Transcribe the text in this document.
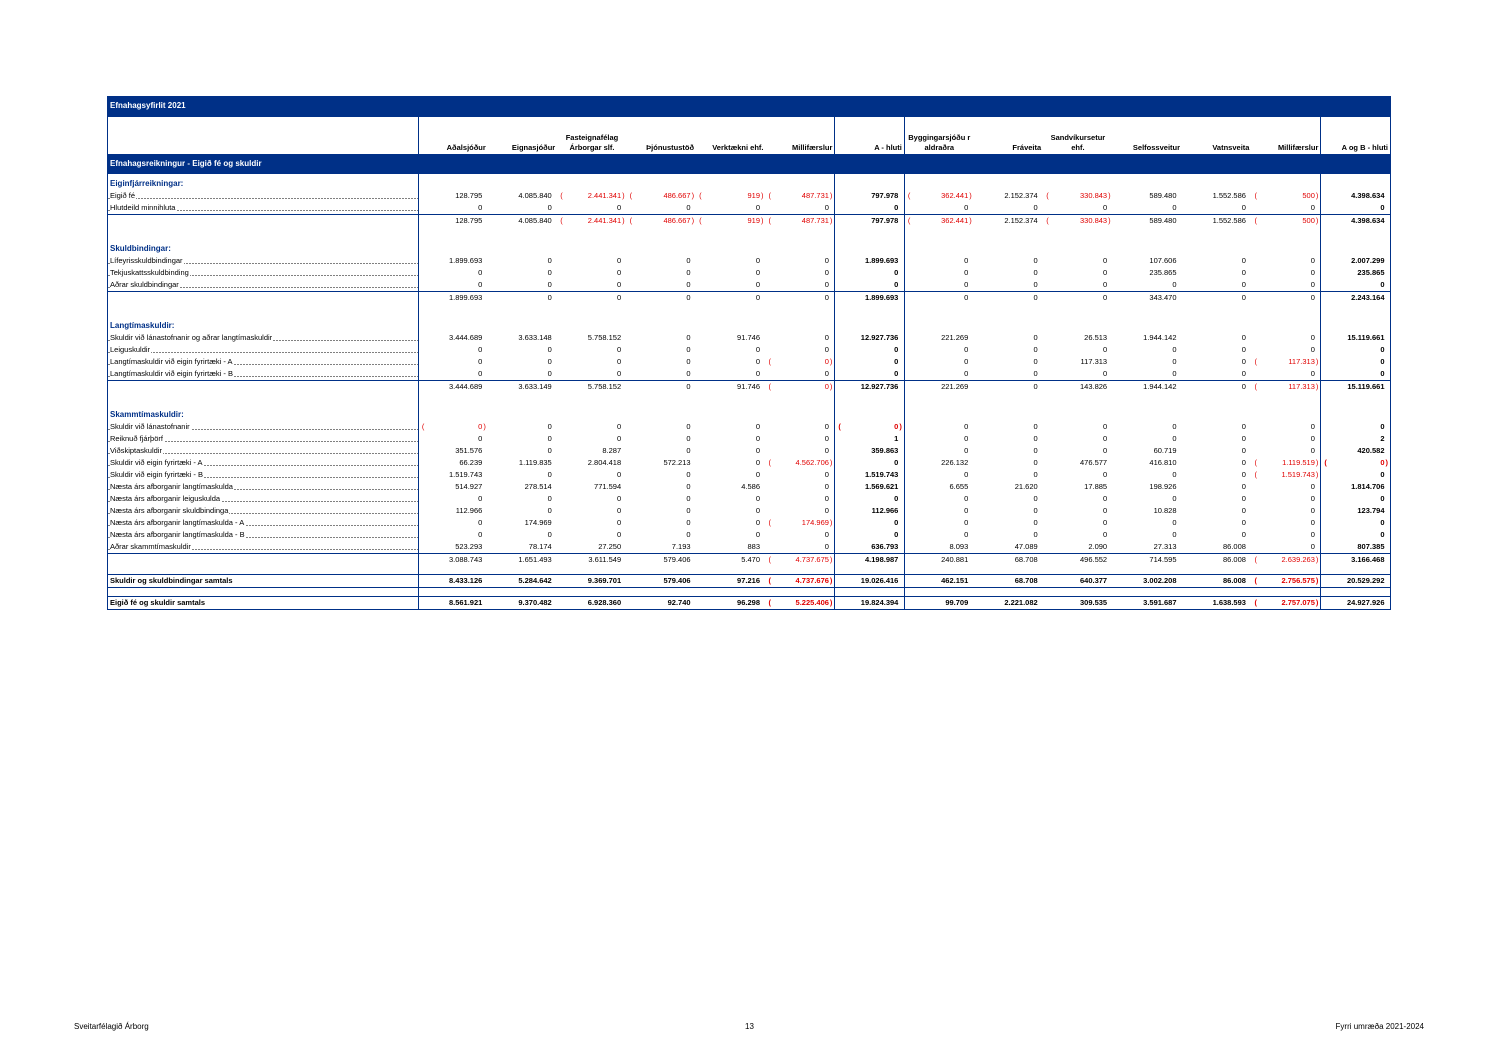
Efnahagsyfirlit 2021
	Aðalsjóður	Eignasjóður	Fasteignafélag Árborgar slf.	Þjónustustöð	Verktækni ehf.	Millifærslur	A - hluti	Byggingarsjóðu r aldraðra	Fráveita	Sandvíkursetur ehf.	Selfossveitur	Vatnsveita	Millifærslur	A og B - hluti
Efnahagsreikningur - Eigið fé og skuldir														
Eiginfjárreikningar:														
Eigið fé	128.795 )	4.085.840 )	( 2.441.341 )	( 486.667 )	( 919 )	( 487.731 )	797.978 )	( 362.441 )	2.152.374 )	( 330.843 )	589.480 )	1.552.586 )	( 500 )	4.398.634 )
Hlutdeild minnihluta	0 )	0 )	0 )	0 )	0 )	0 )	0 )	0 )	0 )	0 )	0 )	0 )	0 )	0 )
	128.795 )	4.085.840 )	( 2.441.341 )	( 486.667 )	( 919 )	( 487.731 )	797.978 )	( 362.441 )	2.152.374 )	( 330.843 )	589.480 )	1.552.586 )	( 500 )	4.398.634 )

Skuldbindingar:														
Lífeyrisskuldbindingar	1.899.693 )	0 )	0 )	0 )	0 )	0 )	1.899.693 )	0 )	0 )	0 )	107.606 )	0 )	0 )	2.007.299 )
Tekjuskattsskuldbinding	0 )	0 )	0 )	0 )	0 )	0 )	0 )	0 )	0 )	0 )	235.865 )	0 )	0 )	235.865 )
Aðrar skuldbindingar	0 )	0 )	0 )	0 )	0 )	0 )	0 )	0 )	0 )	0 )	0 )	0 )	0 )	0 )
	1.899.693 )	0 )	0 )	0 )	0 )	0 )	1.899.693 )	0 )	0 )	0 )	343.470 )	0 )	0 )	2.243.164 )

Langtímaskuldir:														
Skuldir við lánastofnanir og aðrar langtímaskuldir	3.444.689 )	3.633.148 )	5.758.152 )	0 )	91.746 )	0 )	12.927.736 )	221.269 )	0 )	26.513 )	1.944.142 )	0 )	0 )	15.119.661 )
Leiguskuldir	0 )	0 )	0 )	0 )	0 )	0 )	0 )	0 )	0 )	0 )	0 )	0 )	0 )	0 )
Langtímaskuldir við eigin fyrirtæki - A	0 )	0 )	0 )	0 )	0 )	( 0 )	0 )	0 )	0 )	117.313 )	0 )	0 )	( 117.313 )	0 )
Langtímaskuldir við eigin fyrirtæki - B	0 )	0 )	0 )	0 )	0 )	0 )	0 )	0 )	0 )	0 )	0 )	0 )	0 )	0 )
	3.444.689 )	3.633.149 )	5.758.152 )	0 )	91.746 )	( 0 )	12.927.736 )	221.269 )	0 )	143.826 )	1.944.142 )	0 )	( 117.313 )	15.119.661 )

Skammtímaskuldir:														
Skuldir við lánastofnanir	( 0 )	0 )	0 )	0 )	0 )	0 )	( 0 )	0 )	0 )	0 )	0 )	0 )	0 )	0 )
Reiknuð fjárþörf	0 )	0 )	0 )	0 )	0 )	0 )	1 )	0 )	0 )	0 )	0 )	0 )	0 )	2 )
Viðskiptaskuldir	351.576 )	0 )	8.287 )	0 )	0 )	0 )	359.863 )	0 )	0 )	0 )	60.719 )	0 )	0 )	420.582 )
Skuldir við eigin fyrirtæki - A	66.239 )	1.119.835 )	2.804.418 )	572.213 )	0 )	( 4.562.706 )	0 )	226.132 )	0 )	476.577 )	416.810 )	0 )	( 1.119.519 )	( 0 )
Skuldir við eigin fyrirtæki - B	1.519.743 )	0 )	0 )	0 )	0 )	0 )	1.519.743 )	0 )	0 )	0 )	0 )	0 )	( 1.519.743 )	0 )
Næsta árs afborganir langtímaskulda	514.927 )	278.514 )	771.594 )	0 )	4.586 )	0 )	1.569.621 )	6.655 )	21.620 )	17.885 )	198.926 )	0 )	0 )	1.814.706 )
Næsta árs afborganir leiguskulda	0 )	0 )	0 )	0 )	0 )	0 )	0 )	0 )	0 )	0 )	0 )	0 )	0 )	0 )
Næsta árs afborganir skuldbindinga	112.966 )	0 )	0 )	0 )	0 )	0 )	112.966 )	0 )	0 )	0 )	10.828 )	0 )	0 )	123.794 )
Næsta árs afborganir langtímaskulda - A	0 )	174.969 )	0 )	0 )	0 )	( 174.969 )	0 )	0 )	0 )	0 )	0 )	0 )	0 )	0 )
Næsta árs afborganir langtímaskulda - B	0 )	0 )	0 )	0 )	0 )	0 )	0 )	0 )	0 )	0 )	0 )	0 )	0 )	0 )
Aðrar skammtímaskuldir	523.293 )	78.174 )	27.250 )	7.193 )	883 )	0 )	636.793 )	8.093 )	47.089 )	2.090 )	27.313 )	86.008 )	0 )	807.385 )
	3.088.743 )	1.651.493 )	3.611.549 )	579.406 )	5.470 )	( 4.737.675 )	4.198.987 )	240.881 )	68.708 )	496.552 )	714.595 )	86.008 )	( 2.639.263 )	3.166.468 )

Skuldir og skuldbindingar samtals	8.433.126 )	5.284.642 )	9.369.701 )	579.406 )	97.216 )	( 4.737.676 )	19.026.416 )	462.151 )	68.708 )	640.377 )	3.002.208 )	86.008 )	( 2.756.575 )	20.529.292 )

Eigið fé og skuldir samtals	8.561.921 )	9.370.482 )	6.928.360 )	92.740 )	96.298 )	( 5.225.406 )	19.824.394 )	99.709 )	2.221.082 )	309.535 )	3.591.687 )	1.638.593 )	( 2.757.075 )	24.927.926 )
Sveitarfélagið Árborg	13	Fyrri umræða 2021-2024
